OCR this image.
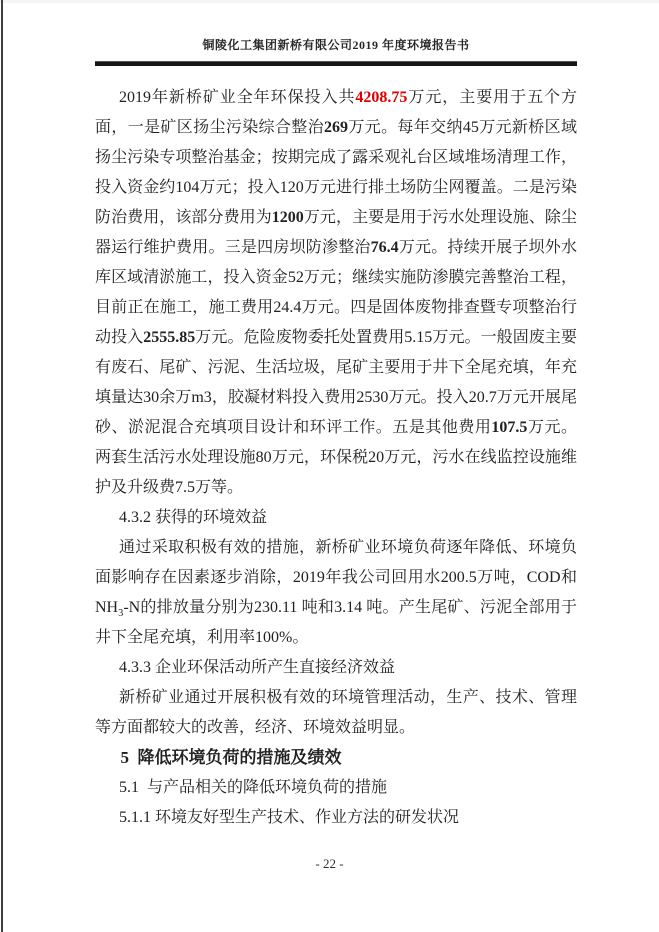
铜陵化工集团新桥有限公司2019 年度环境报告书
2019年新桥矿业全年环保投入共4208.75万元，主要用于五个方面，一是矿区扬尘污染综合整治269万元。每年交纳45万元新桥区域扬尘污染专项整治基金；按期完成了露采观礼台区域堆场清理工作，投入资金约104万元；投入120万元进行排土场防尘网覆盖。二是污染防治费用，该部分费用为1200万元，主要是用于污水处理设施、除尘器运行维护费用。三是四房坝防渗整治76.4万元。持续开展子坝外水库区域清淤施工，投入资金52万元；继续实施防渗膜完善整治工程，目前正在施工，施工费用24.4万元。四是固体废物排查暨专项整治行动投入2555.85万元。危险废物委托处置费用5.15万元。一般固废主要有废石、尾矿、污泥、生活垃圾，尾矿主要用于井下全尾充填，年充填量达30余万m3，胶凝材料投入费用2530万元。投入20.7万元开展尾砂、淤泥混合充填项目设计和环评工作。五是其他费用107.5万元。两套生活污水处理设施80万元，环保税20万元，污水在线监控设施维护及升级费7.5万等。
4.3.2 获得的环境效益
通过采取积极有效的措施，新桥矿业环境负荷逐年降低、环境负面影响存在因素逐步消除，2019年我公司回用水200.5万吨，COD和$NH_3-N$的排放量分别为230.11 吨和3.14 吨。产生尾矿、污泥全部用于井下全尾充填，利用率100%。
4.3.3 企业环保活动所产生直接经济效益
新桥矿业通过开展积极有效的环境管理活动，生产、技术、管理等方面都较大的改善，经济、环境效益明显。
5  降低环境负荷的措施及绩效
5.1  与产品相关的降低环境负荷的措施
5.1.1 环境友好型生产技术、作业方法的研发状况
- 22 -
